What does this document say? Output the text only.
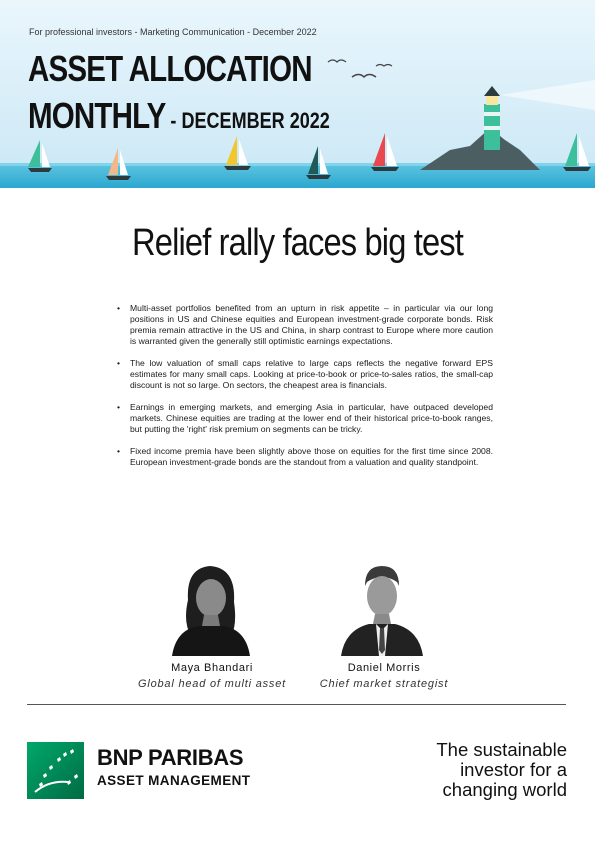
For professional investors - Marketing Communication - December 2022
ASSET ALLOCATION
MONTHLY - DECEMBER 2022
Relief rally faces big test
• Multi-asset portfolios benefited from an upturn in risk appetite – in particular via our long positions in US and Chinese equities and European investment-grade corporate bonds. Risk premia remain attractive in the US and China, in sharp contrast to Europe where more caution is warranted given the generally still optimistic earnings expectations.
• The low valuation of small caps relative to large caps reflects the negative forward EPS estimates for many small caps. Looking at price-to-book or price-to-sales ratios, the small-cap discount is not so large. On sectors, the cheapest area is financials.
• Earnings in emerging markets, and emerging Asia in particular, have outpaced developed markets. Chinese equities are trading at the lower end of their historical price-to-book ranges, but putting the 'right' risk premium on segments can be tricky.
• Fixed income premia have been slightly above those on equities for the first time since 2008. European investment-grade bonds are the standout from a valuation and quality standpoint.
Maya Bhandari
Global head of multi asset
Daniel Morris
Chief market strategist
BNP PARIBAS
ASSET MANAGEMENT
The sustainable
investor for a
changing world
